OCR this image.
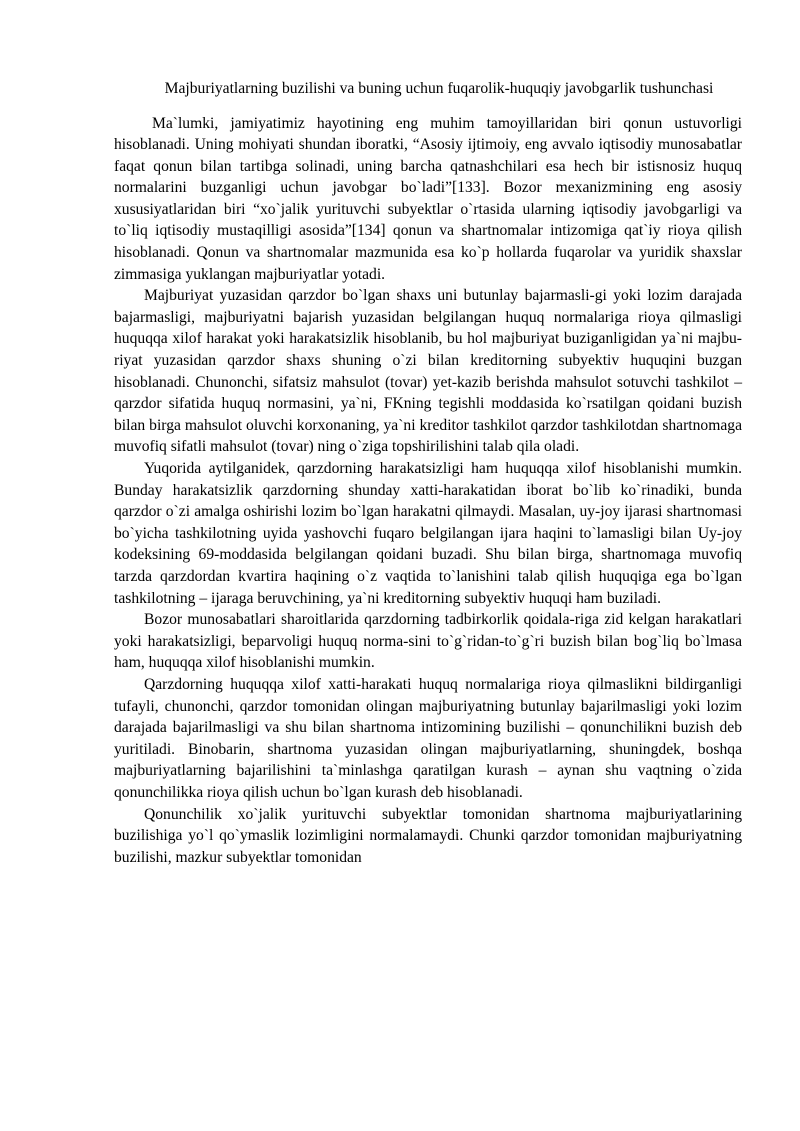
Majburiyatlarning buzilishi va buning uchun fuqarolik-huquqiy javobgarlik tushunchasi

Ma`lumki, jamiyatimiz hayotining eng muhim tamoyillaridan biri qonun ustuvorligi hisoblanadi. Uning mohiyati shundan iboratki, “Asosiy ijtimoiy, eng avvalo iqtisodiy munosabatlar faqat qonun bilan tartibga solinadi, uning barcha qatnashchilari esa hech bir istisnosiz huquq normalarini buzganligi uchun javobgar bo`ladi”[133]. Bozor mexanizmining eng asosiy xususiyatlaridan biri “xo`jalik yurituvchi subyektlar o`rtasida ularning iqtisodiy javobgarligi va to`liq iqtisodiy mustaqilligi asosida”[134] qonun va shartnomalar intizomiga qat`iy rioya qilish hisoblanadi. Qonun va shartnomalar mazmunida esa ko`p hollarda fuqarolar va yuridik shaxslar zimmasiga yuklangan majburiyatlar yotadi.

Majburiyat yuzasidan qarzdor bo`lgan shaxs uni butunlay bajarmasli-gi yoki lozim darajada bajarmasligi, majburiyatni bajarish yuzasidan belgilangan huquq normalariga rioya qilmasligi huquqqa xilof harakat yoki harakatsizlik hisoblanib, bu hol majburiyat buziganligidan ya`ni majbu-riyat yuzasidan qarzdor shaxs shuning o`zi bilan kreditorning subyektiv huquqini buzgan hisoblanadi. Chunonchi, sifatsiz mahsulot (tovar) yet-kazib berishda mahsulot sotuvchi tashkilot – qarzdor sifatida huquq normasini, ya`ni, FKning tegishli moddasida ko`rsatilgan qoidani buzish bilan birga mahsulot oluvchi korxonaning, ya`ni kreditor tashkilot qarzdor tashkilotdan shartnomaga muvofiq sifatli mahsulot (tovar) ning o`ziga topshirilishini talab qila oladi.

Yuqorida aytilganidek, qarzdorning harakatsizligi ham huquqqa xilof hisoblanishi mumkin. Bunday harakatsizlik qarzdorning shunday xatti-harakatidan iborat bo`lib ko`rinadiki, bunda qarzdor o`zi amalga oshirishi lozim bo`lgan harakatni qilmaydi. Masalan, uy-joy ijarasi shartnomasi bo`yicha tashkilotning uyida yashovchi fuqaro belgilangan ijara haqini to`lamasligi bilan Uy-joy kodeksining 69-moddasida belgilangan qoidani buzadi. Shu bilan birga, shartnomaga muvofiq tarzda qarzdordan kvartira haqining o`z vaqtida to`lanishini talab qilish huquqiga ega bo`lgan tashkilotning – ijaraga beruvchining, ya`ni kreditorning subyektiv huquqi ham buziladi.

Bozor munosabatlari sharoitlarida qarzdorning tadbirkorlik qoidala-riga zid kelgan harakatlari yoki harakatsizligi, beparvoligi huquq norma-sini to`g`ridan-to`g`ri buzish bilan bog`liq bo`lmasa ham, huquqqa xilof hisoblanishi mumkin.

Qarzdorning huquqqa xilof xatti-harakati huquq normalariga rioya qilmaslikni bildirganligi tufayli, chunonchi, qarzdor tomonidan olingan majburiyatning butunlay bajarilmasligi yoki lozim darajada bajarilmasligi va shu bilan shartnoma intizomining buzilishi – qonunchilikni buzish deb yuritiladi. Binobarin, shartnoma yuzasidan olingan majburiyatlarning, shuningdek, boshqa majburiyatlarning bajarilishini ta`minlashga qaratilgan kurash – aynan shu vaqtning o`zida qonunchilikka rioya qilish uchun bo`lgan kurash deb hisoblanadi.

Qonunchilik xo`jalik yurituvchi subyektlar tomonidan shartnoma majburiyatlarining buzilishiga yo`l qo`ymaslik lozimligini normalamaydi. Chunki qarzdor tomonidan majburiyatning buzilishi, mazkur subyektlar tomonidan
